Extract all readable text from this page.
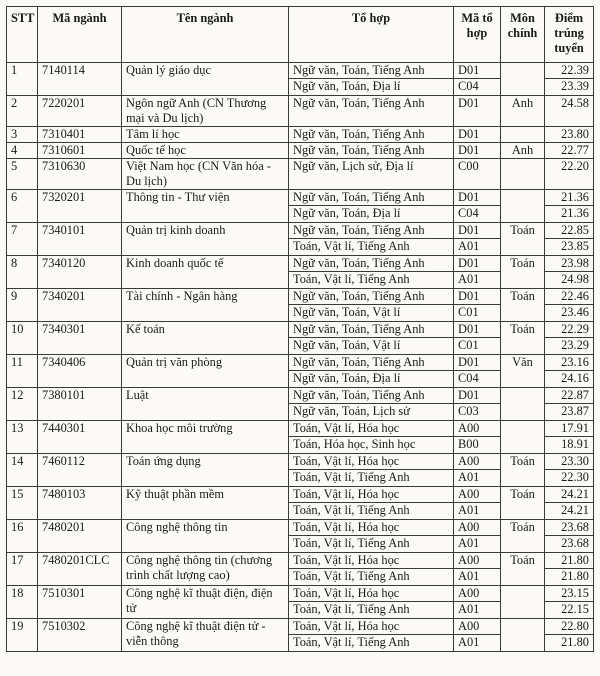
STT	Mã ngành	Tên ngành	Tổ hợp	Mã tổ hợp	Môn chính	Điểm trúng tuyển
1	7140114	Quản lý giáo dục	Ngữ văn, Toán, Tiếng Anh	D01		22.39
			Ngữ văn, Toán, Địa lí	C04		23.39
2	7220201	Ngôn ngữ Anh (CN Thương mại và Du lịch)	Ngữ văn, Toán, Tiếng Anh	D01	Anh	24.58
3	7310401	Tâm lí học	Ngữ văn, Toán, Tiếng Anh	D01		23.80
4	7310601	Quốc tế học	Ngữ văn, Toán, Tiếng Anh	D01	Anh	22.77
5	7310630	Việt Nam học (CN Văn hóa - Du lịch)	Ngữ văn, Lịch sử, Địa lí	C00		22.20
6	7320201	Thông tin - Thư viện	Ngữ văn, Toán, Tiếng Anh	D01		21.36
			Ngữ văn, Toán, Địa lí	C04		21.36
7	7340101	Quản trị kinh doanh	Ngữ văn, Toán, Tiếng Anh	D01	Toán	22.85
			Toán, Vật lí, Tiếng Anh	A01		23.85
8	7340120	Kinh doanh quốc tế	Ngữ văn, Toán, Tiếng Anh	D01	Toán	23.98
			Toán, Vật lí, Tiếng Anh	A01		24.98
9	7340201	Tài chính - Ngân hàng	Ngữ văn, Toán, Tiếng Anh	D01	Toán	22.46
			Ngữ văn, Toán, Vật lí	C01		23.46
10	7340301	Kế toán	Ngữ văn, Toán, Tiếng Anh	D01	Toán	22.29
			Ngữ văn, Toán, Vật lí	C01		23.29
11	7340406	Quản trị văn phòng	Ngữ văn, Toán, Tiếng Anh	D01	Văn	23.16
			Ngữ văn, Toán, Địa lí	C04		24.16
12	7380101	Luật	Ngữ văn, Toán, Tiếng Anh	D01		22.87
			Ngữ văn, Toán, Lịch sử	C03		23.87
13	7440301	Khoa học môi trường	Toán, Vật lí, Hóa học	A00		17.91
			Toán, Hóa học, Sinh học	B00		18.91
14	7460112	Toán ứng dụng	Toán, Vật lí, Hóa học	A00	Toán	23.30
			Toán, Vật lí, Tiếng Anh	A01		22.30
15	7480103	Kỹ thuật phần mềm	Toán, Vật lí, Hóa học	A00	Toán	24.21
			Toán, Vật lí, Tiếng Anh	A01		24.21
16	7480201	Công nghệ thông tin	Toán, Vật lí, Hóa học	A00	Toán	23.68
			Toán, Vật lí, Tiếng Anh	A01		23.68
17	7480201CLC	Công nghệ thông tin (chương trình chất lượng cao)	Toán, Vật lí, Hóa học	A00	Toán	21.80
			Toán, Vật lí, Tiếng Anh	A01		21.80
18	7510301	Công nghệ kĩ thuật điện, điện tử	Toán, Vật lí, Hóa học	A00		23.15
			Toán, Vật lí, Tiếng Anh	A01		22.15
19	7510302	Công nghệ kĩ thuật điện tử - viễn thông	Toán, Vật lí, Hóa học	A00		22.80
			Toán, Vật lí, Tiếng Anh	A01		21.80
